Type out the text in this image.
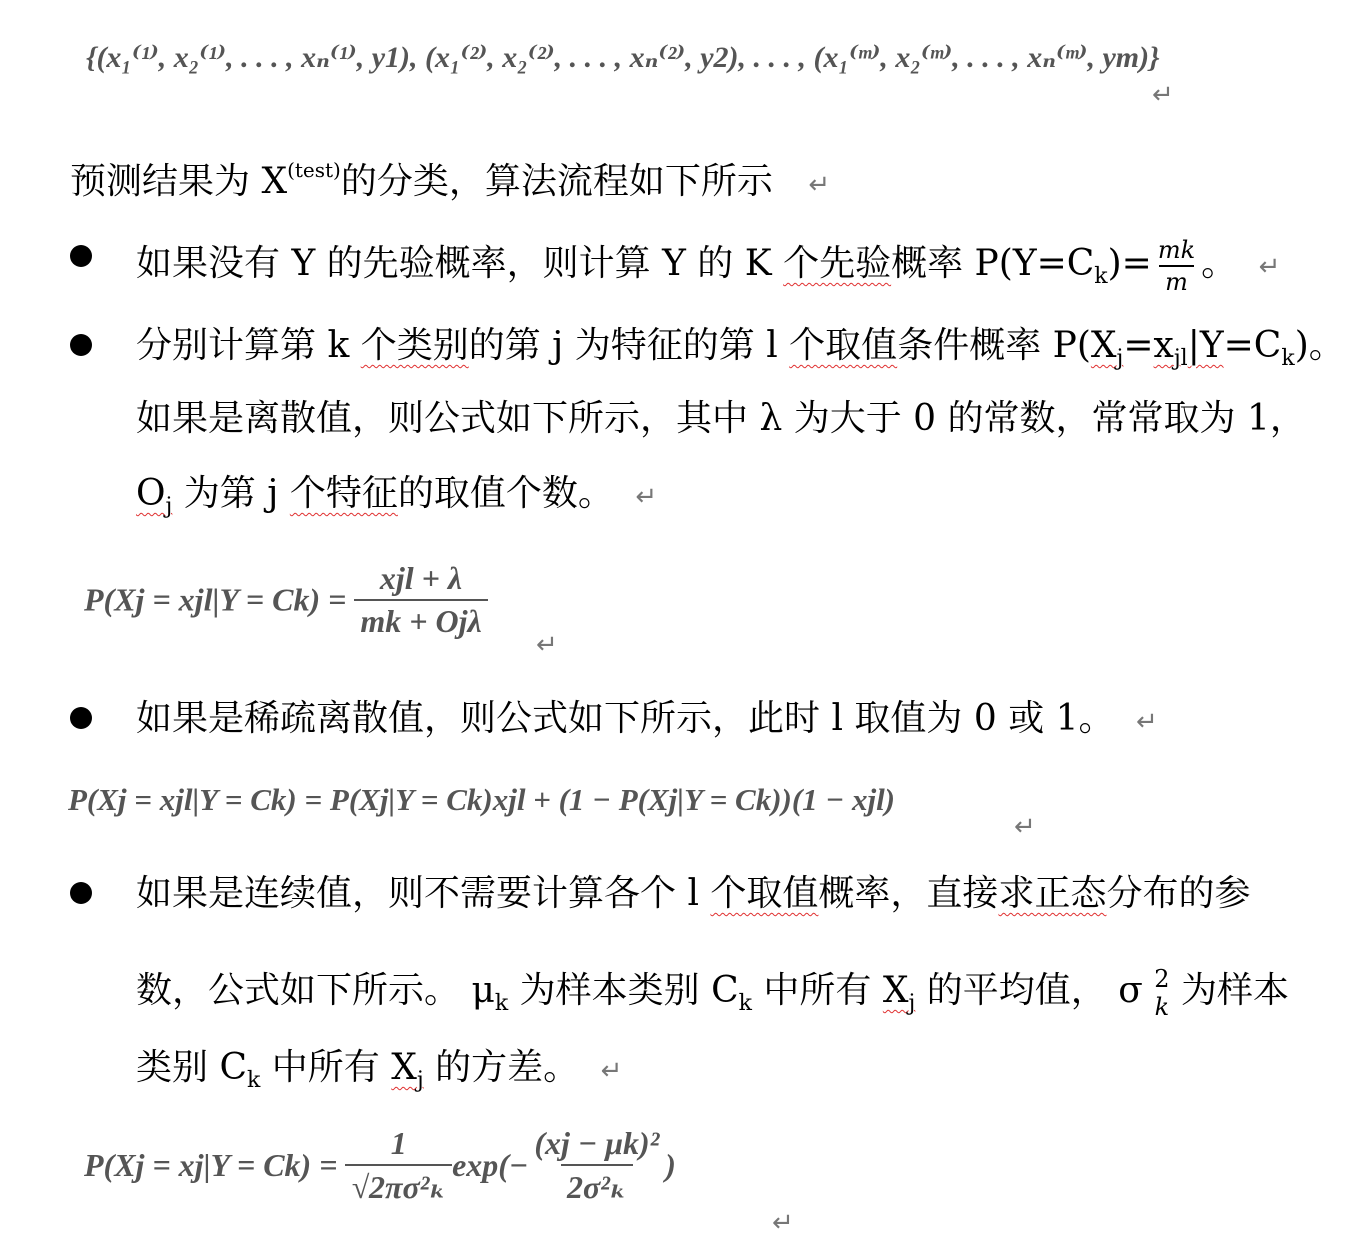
{(x₁⁽¹⁾, x₂⁽¹⁾, . . . , xₙ⁽¹⁾, y1), (x₁⁽²⁾, x₂⁽²⁾, . . . , xₙ⁽²⁾, y2), . . . , (x₁⁽ᵐ⁾, x₂⁽ᵐ⁾, . . . , xₙ⁽ᵐ⁾, ym)}
↵
预测结果为 $X^{(test)}$的分类，算法流程如下所示 ↵
如果没有 Y 的先验概率，则计算 Y 的 K 个先验概率 $P(Y=C_k)= \frac{mk}{m}$ 。 ↵
分别计算第 k 个类别的第 j 为特征的第 l 个取值条件概率 $P(X_j=x_{jl}|Y=C_k)$。
如果是离散值，则公式如下所示，其中 λ 为大于 0 的常数，常常取为 1，
$O_j$ 为第 j 个特征的取值个数。 ↵
$P(Xj = xjl|Y = Ck) = \frac{\text{xjl + λ}}{\text{mk + Ojλ}}$
↵
如果是稀疏离散值，则公式如下所示，此时 l 取值为 0 或 1。 ↵
P(Xj = xjl|Y = Ck) = P(Xj|Y = Ck)xjl + (1 − P(Xj|Y = Ck))(1 − xjl)
↵
如果是连续值，则不需要计算各个 l 个取值概率，直接求正态分布的参
数，公式如下所示。 $\mu_k$ 为样本类别 $C_k$ 中所有 $X_j$ 的平均值， σ 2
k 为样本
类别 $C_k$ 中所有 $X_j$ 的方差。 ↵
$P(Xj = xj|Y = Ck) = \frac{1}{\text{√2πσ²ₖ}} \exp(- \frac{\text{(xj − μk)²}}{\text{2σ²ₖ}}$ )
↵
